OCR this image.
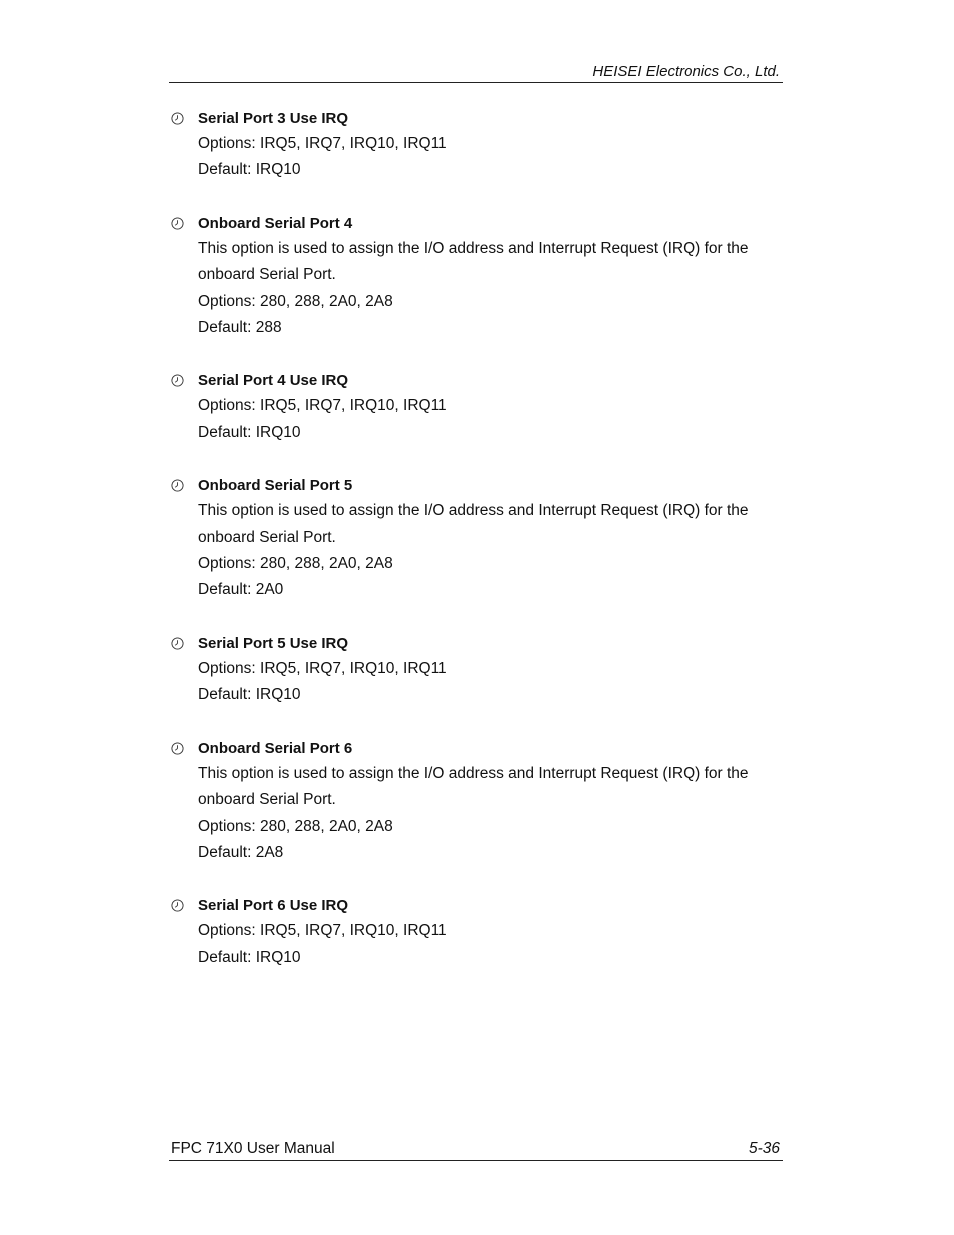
HEISEI Electronics Co., Ltd.
Serial Port 3 Use IRQ
Options: IRQ5, IRQ7, IRQ10, IRQ11
Default: IRQ10
Onboard Serial Port 4
This option is used to assign the I/O address and Interrupt Request (IRQ) for the
onboard Serial Port.
Options: 280, 288, 2A0, 2A8
Default: 288
Serial Port 4 Use IRQ
Options: IRQ5, IRQ7, IRQ10, IRQ11
Default: IRQ10
Onboard Serial Port 5
This option is used to assign the I/O address and Interrupt Request (IRQ) for the
onboard Serial Port.
Options: 280, 288, 2A0, 2A8
Default: 2A0
Serial Port 5 Use IRQ
Options: IRQ5, IRQ7, IRQ10, IRQ11
Default: IRQ10
Onboard Serial Port 6
This option is used to assign the I/O address and Interrupt Request (IRQ) for the
onboard Serial Port.
Options: 280, 288, 2A0, 2A8
Default: 2A8
Serial Port 6 Use IRQ
Options: IRQ5, IRQ7, IRQ10, IRQ11
Default: IRQ10
FPC 71X0 User Manual	5-36
